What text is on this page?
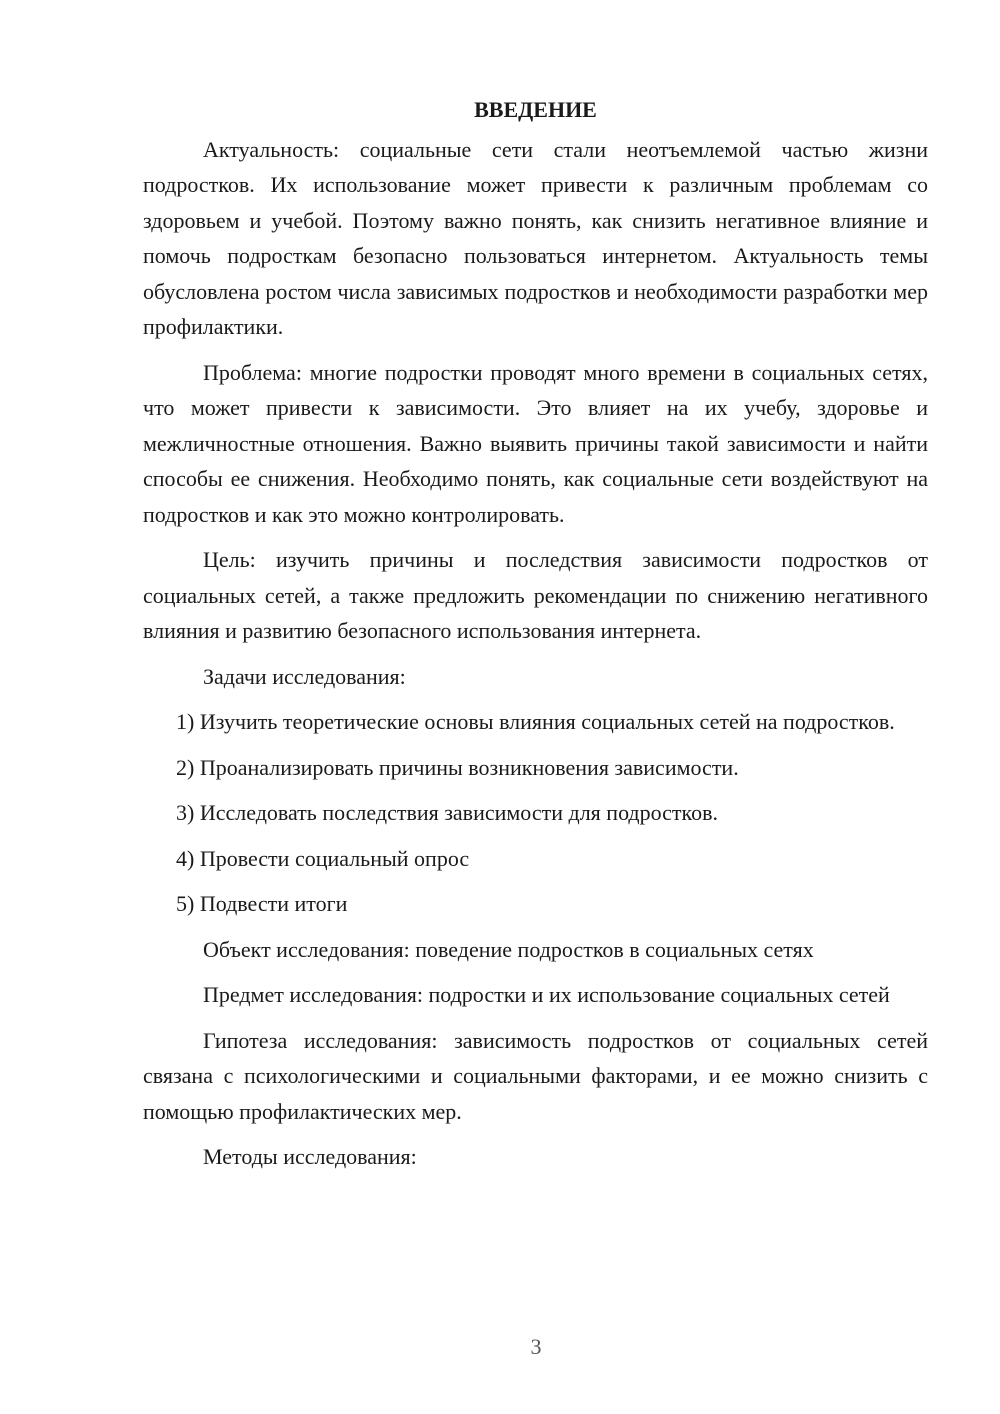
ВВЕДЕНИЕ

Актуальность: социальные сети стали неотъемлемой частью жизни подростков. Их использование может привести к различным проблемам со здоровьем и учебой. Поэтому важно понять, как снизить негативное влияние и помочь подросткам безопасно пользоваться интернетом. Актуальность темы обусловлена ростом числа зависимых подростков и необходимости разработки мер профилактики.

Проблема: многие подростки проводят много времени в социальных сетях, что может привести к зависимости. Это влияет на их учебу, здоровье и межличностные отношения. Важно выявить причины такой зависимости и найти способы ее снижения. Необходимо понять, как социальные сети воздействуют на подростков и как это можно контролировать.

Цель: изучить причины и последствия зависимости подростков от социальных сетей, а также предложить рекомендации по снижению негативного влияния и развитию безопасного использования интернета.

Задачи исследования:

1) Изучить теоретические основы влияния социальных сетей на подростков.

2) Проанализировать причины возникновения зависимости.

3) Исследовать последствия зависимости для подростков.

4) Провести социальный опрос

5) Подвести итоги

Объект исследования: поведение подростков в социальных сетях

Предмет исследования: подростки и их использование социальных сетей

Гипотеза исследования: зависимость подростков от социальных сетей связана с психологическими и социальными факторами, и ее можно снизить с помощью профилактических мер.

Методы исследования:

3
